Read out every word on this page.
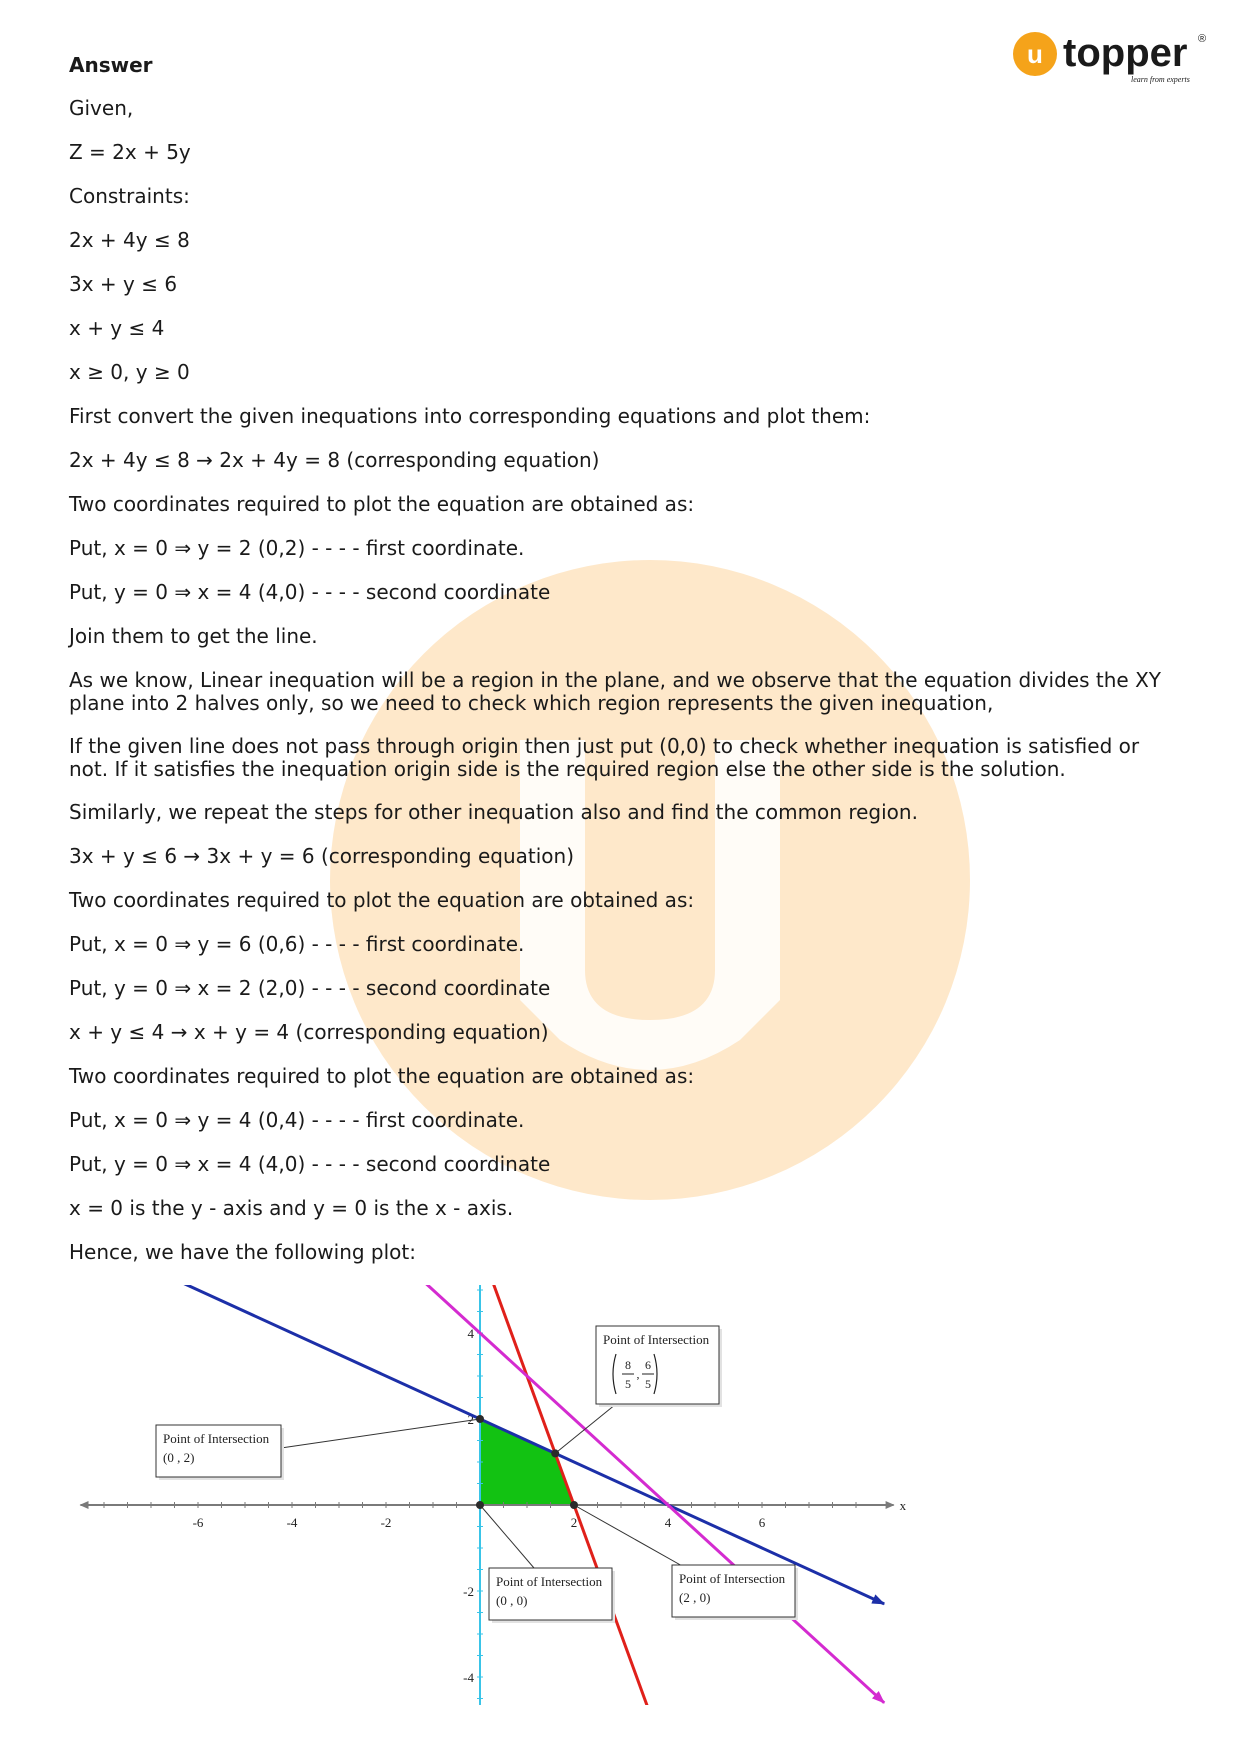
u topper ®
learn from experts
Answer
Given,
Z = 2x + 5y
Constraints:
2x + 4y ≤ 8
3x + y ≤ 6
x + y ≤ 4
x ≥ 0, y ≥ 0
First convert the given inequations into corresponding equations and plot them:
2x + 4y ≤ 8 → 2x + 4y = 8 (corresponding equation)
Two coordinates required to plot the equation are obtained as:
Put, x = 0 ⇒ y = 2 (0,2) - - - - first coordinate.
Put, y = 0 ⇒ x = 4 (4,0) - - - - second coordinate
Join them to get the line.
As we know, Linear inequation will be a region in the plane, and we observe that the equation divides the XY plane into 2 halves only, so we need to check which region represents the given inequation,
If the given line does not pass through origin then just put (0,0) to check whether inequation is satisfied or not. If it satisfies the inequation origin side is the required region else the other side is the solution.
Similarly, we repeat the steps for other inequation also and find the common region.
3x + y ≤ 6 → 3x + y = 6 (corresponding equation)
Two coordinates required to plot the equation are obtained as:
Put, x = 0 ⇒ y = 6 (0,6) - - - - first coordinate.
Put, y = 0 ⇒ x = 2 (2,0) - - - - second coordinate
x + y ≤ 4 → x + y = 4 (corresponding equation)
Two coordinates required to plot the equation are obtained as:
Put, x = 0 ⇒ y = 4 (0,4) - - - - first coordinate.
Put, y = 0 ⇒ x = 4 (4,0) - - - - second coordinate
x = 0 is the y - axis and y = 0 is the x - axis.
Hence, we have the following plot:
-6	-4	-2	2	4	6
4
2
-2
-4
x
Point of Intersection
(0 , 2)
Point of Intersection
8
5
,
6
5
Point of Intersection
(0 , 0)
Point of Intersection
(2 , 0)
